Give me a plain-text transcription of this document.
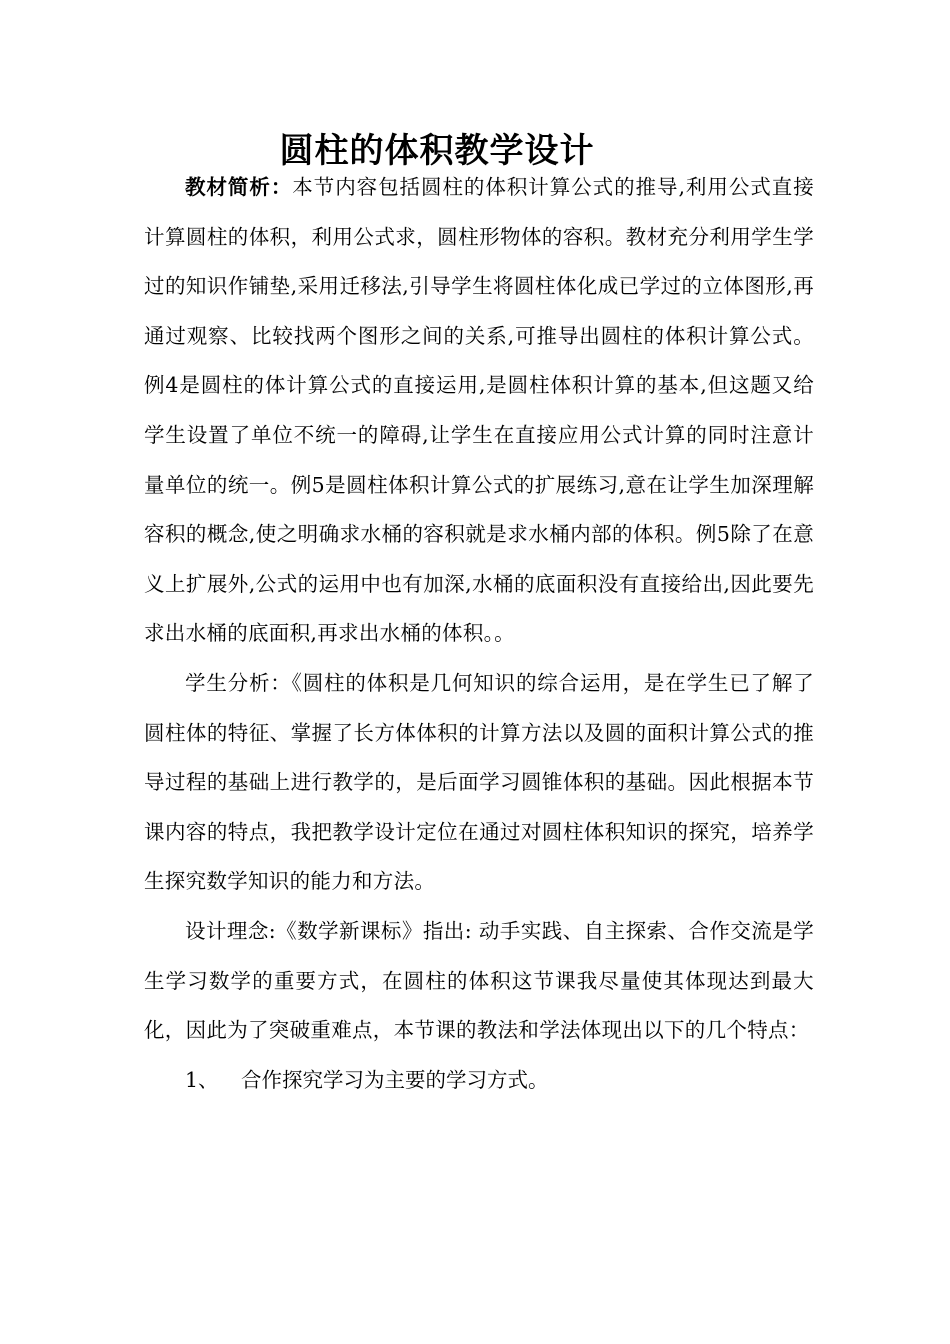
圆柱的体积教学设计

教材简析：本节内容包括圆柱的体积计算公式的推导,利用公式直接计算圆柱的体积，利用公式求，圆柱形物体的容积。教材充分利用学生学过的知识作铺垫,采用迁移法,引导学生将圆柱体化成已学过的立体图形,再通过观察、比较找两个图形之间的关系,可推导出圆柱的体积计算公式。例4是圆柱的体计算公式的直接运用,是圆柱体积计算的基本,但这题又给学生设置了单位不统一的障碍,让学生在直接应用公式计算的同时注意计量单位的统一。例5是圆柱体积计算公式的扩展练习,意在让学生加深理解容积的概念,使之明确求水桶的容积就是求水桶内部的体积。例5除了在意义上扩展外,公式的运用中也有加深,水桶的底面积没有直接给出,因此要先求出水桶的底面积,再求出水桶的体积。。

学生分析：《圆柱的体积是几何知识的综合运用，是在学生已了解了圆柱体的特征、掌握了长方体体积的计算方法以及圆的面积计算公式的推导过程的基础上进行教学的，是后面学习圆锥体积的基础。因此根据本节课内容的特点，我把教学设计定位在通过对圆柱体积知识的探究，培养学生探究数学知识的能力和方法。

设计理念:《数学新课标》指出: 动手实践、自主探索、合作交流是学生学习数学的重要方式，在圆柱的体积这节课我尽量使其体现达到最大化，因此为了突破重难点，本节课的教法和学法体现出以下的几个特点：

1、 合作探究学习为主要的学习方式。
